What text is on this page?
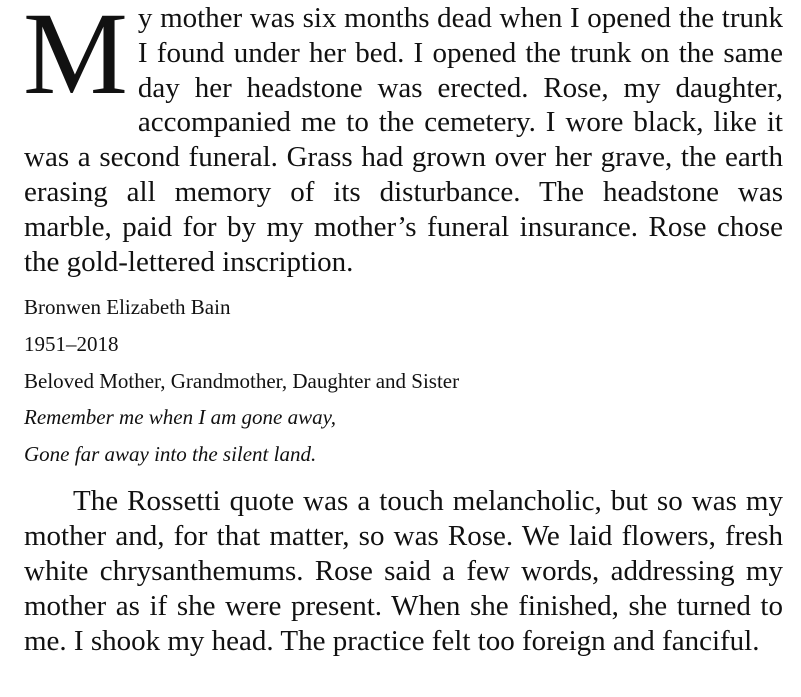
My mother was six months dead when I opened the trunk I found under her bed. I opened the trunk on the same day her headstone was erected. Rose, my daughter, accompanied me to the cemetery. I wore black, like it was a second funeral. Grass had grown over her grave, the earth erasing all memory of its disturbance. The headstone was marble, paid for by my mother’s funeral insurance. Rose chose the gold-lettered inscription.

Bronwen Elizabeth Bain

1951–2018

Beloved Mother, Grandmother, Daughter and Sister

Remember me when I am gone away,

Gone far away into the silent land.

The Rossetti quote was a touch melancholic, but so was my mother and, for that matter, so was Rose. We laid flowers, fresh white chrysanthemums. Rose said a few words, addressing my mother as if she were present. When she finished, she turned to me. I shook my head. The practice felt too foreign and fanciful.
